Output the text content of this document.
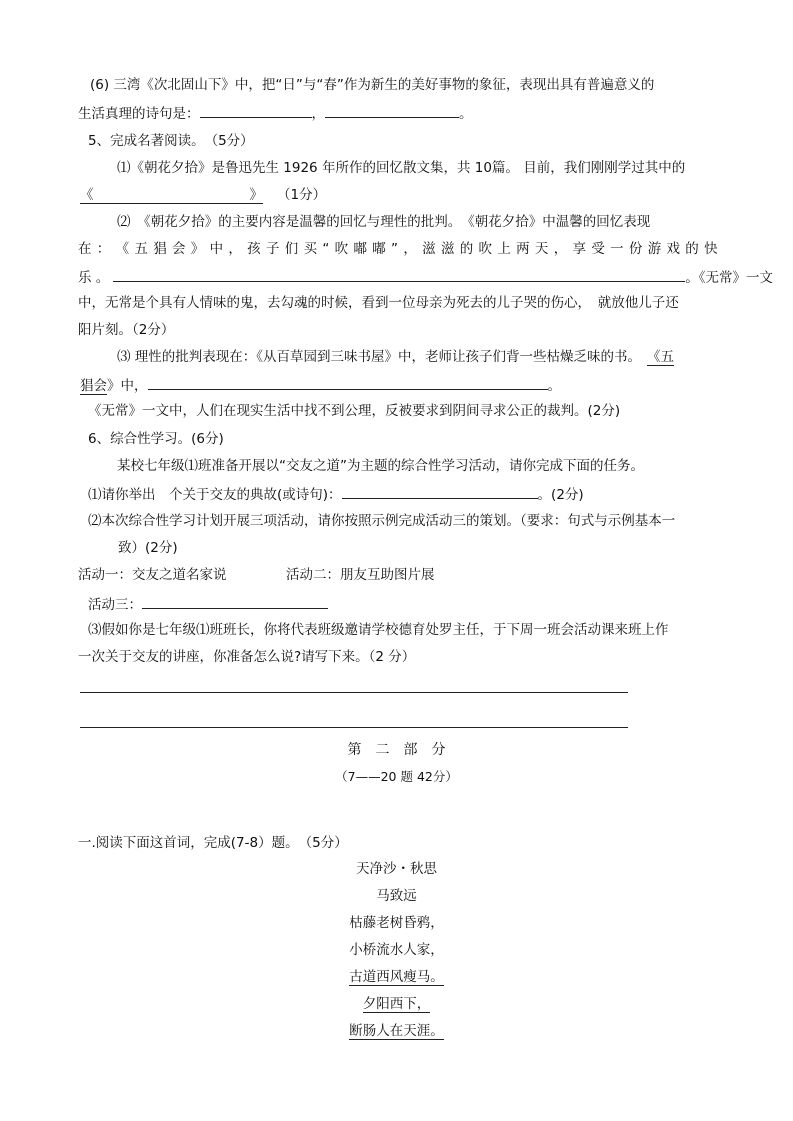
(6) 三湾《次北固山下》中，把“日”与“春”作为新生的美好事物的象征，表现出具有普遍意义的
生活真理的诗句是：	，	。
5、完成名著阅读。　（5分）
⑴《朝花夕拾》是鲁迅先生 1926 年所作的回忆散文集，共 10篇。 目前，我们刚刚学过其中的
《	》 （1分）
⑵　《朝花夕拾》的主要内容是温馨的回忆与理性的批判。　《朝花夕拾》中温馨的回忆表现
在 ： 《 五 猖 会 》 中 ， 孩 子 们 买 “ 吹 嘟 嘟 ” ， 滋 滋 的 吹 上 两 天 ， 享 受 一 份 游 戏 的 快
乐 。	。《无常》一文
中，无常是个具有人情味的鬼，去勾魂的时候，看到一位母亲为死去的儿子哭的伤心，　就放他儿子还
阳片刻。（2分）
⑶ 理性的批判表现在：《从百草园到三味书屋》中，老师让孩子们背一些枯燥乏味的书。 《五
猖会》中，	。
《无常》一文中，人们在现实生活中找不到公理，反被要求到阴间寻求公正的裁判。(2分)
6、综合性学习。(6分)
某校七年级⑴班准备开展以“交友之道”为主题的综合性学习活动，请你完成下面的任务。
⑴请你举出　个关于交友的典故(或诗句)：	。(2分)
⑵本次综合性学习计划开展三项活动，请你按照示例完成活动三的策划。（要求：句式与示例基本一
致）(2分)
活动一：交友之道名家说	活动二：朋友互助图片展
活动三：
⑶假如你是七年级⑴班班长，你将代表班级邀请学校德育处罗主任，于下周一班会活动课来班上作
一次关于交友的讲座，你准备怎么说?请写下来。（2 分）
第　二　部　分
（7——20 题 42分）
一.阅读下面这首词，完成(7-8）题。　（5分）
天净沙・秋思
马致远
枯藤老树昏鸦，
小桥流水人家，
古道西风瘦马。
夕阳西下，
断肠人在天涯。
